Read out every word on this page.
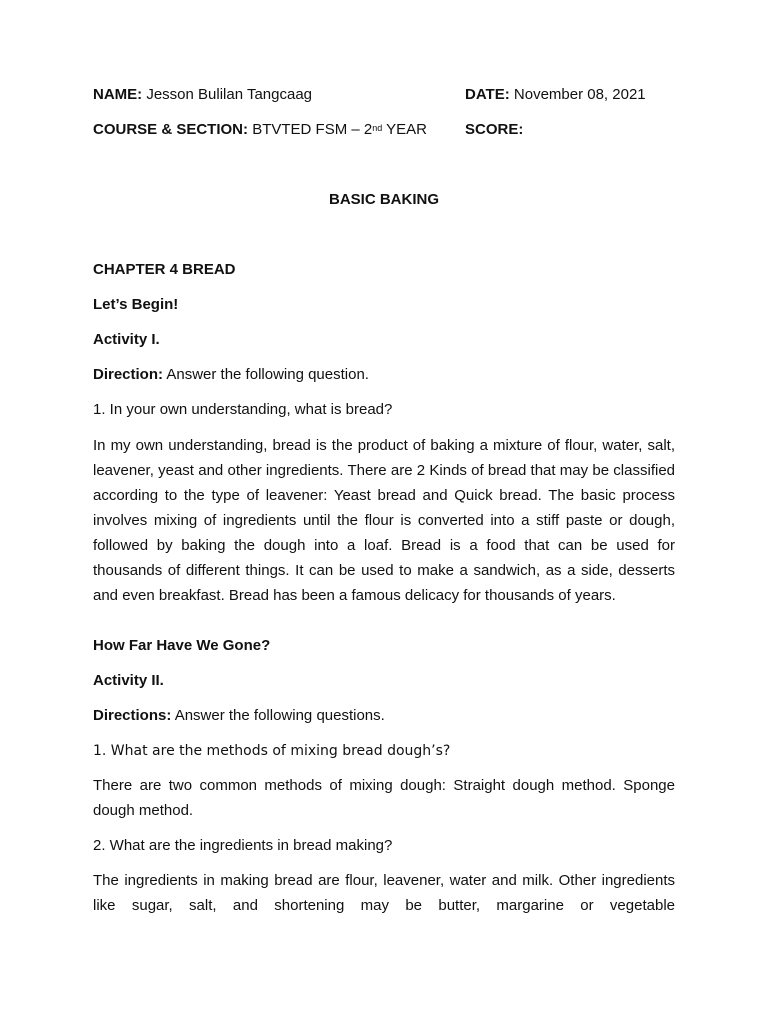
NAME: Jesson Bulilan Tangcaag	DATE: November 08, 2021
COURSE & SECTION: BTVTED FSM – 2nd YEAR	SCORE:
BASIC BAKING
CHAPTER 4 BREAD
Let’s Begin!
Activity I.
Direction: Answer the following question.
1. In your own understanding, what is bread?
In my own understanding, bread is the product of baking a mixture of flour, water, salt, leavener, yeast and other ingredients. There are 2 Kinds of bread that may be classified according to the type of leavener: Yeast bread and Quick bread. The basic process involves mixing of ingredients until the flour is converted into a stiff paste or dough, followed by baking the dough into a loaf. Bread is a food that can be used for thousands of different things. It can be used to make a sandwich, as a side, desserts and even breakfast. Bread has been a famous delicacy for thousands of years.
How Far Have We Gone?
Activity II.
Directions: Answer the following questions.
1. What are the methods of mixing bread dough’s?
There are two common methods of mixing dough: Straight dough method. Sponge dough method.
2. What are the ingredients in bread making?
The ingredients in making bread are flour, leavener, water and milk. Other ingredients like sugar, salt, and shortening may be butter, margarine or vegetable
